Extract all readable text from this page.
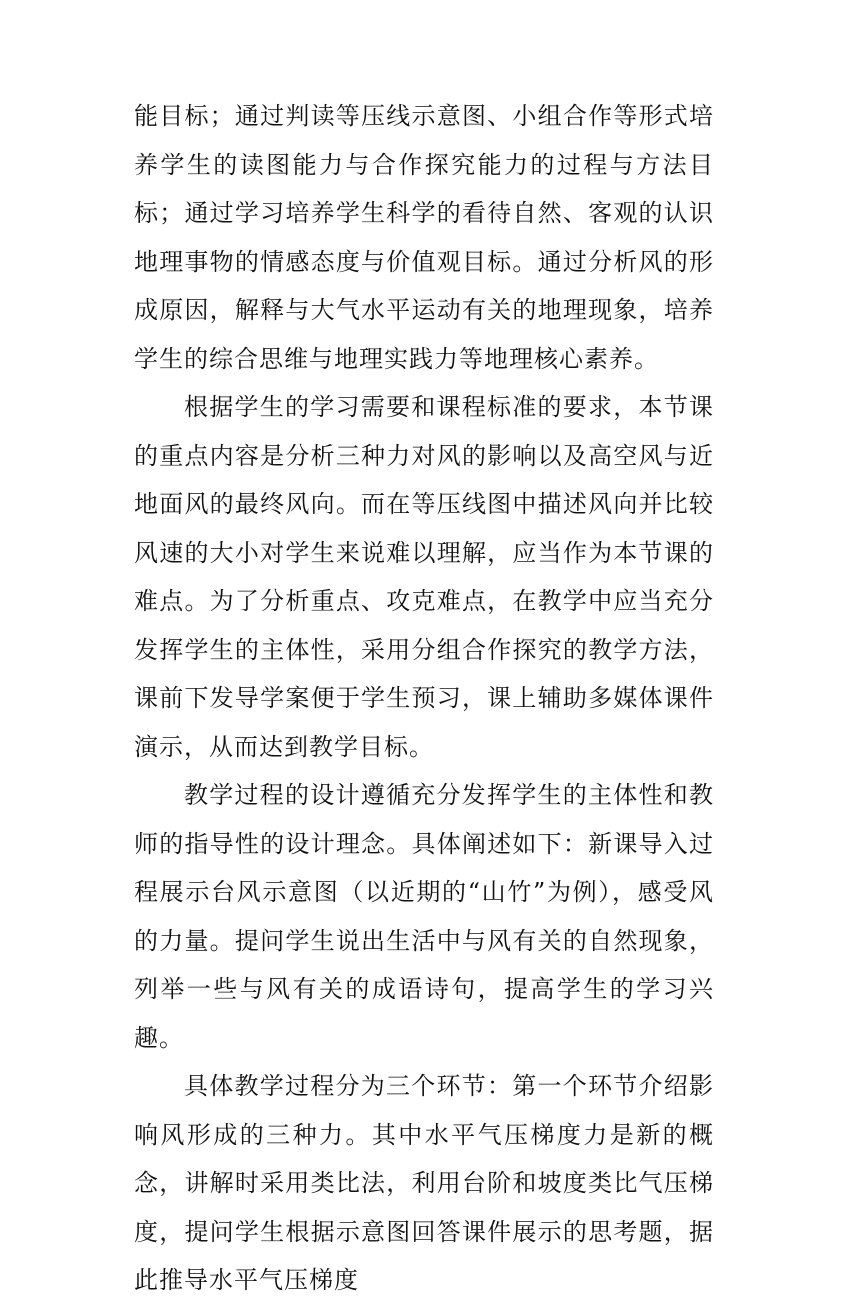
能目标；通过判读等压线示意图、小组合作等形式培养学生的读图能力与合作探究能力的过程与方法目标；通过学习培养学生科学的看待自然、客观的认识地理事物的情感态度与价值观目标。通过分析风的形成原因，解释与大气水平运动有关的地理现象，培养学生的综合思维与地理实践力等地理核心素养。

根据学生的学习需要和课程标准的要求，本节课的重点内容是分析三种力对风的影响以及高空风与近地面风的最终风向。而在等压线图中描述风向并比较风速的大小对学生来说难以理解，应当作为本节课的难点。为了分析重点、攻克难点，在教学中应当充分发挥学生的主体性，采用分组合作探究的教学方法，课前下发导学案便于学生预习，课上辅助多媒体课件演示，从而达到教学目标。

教学过程的设计遵循充分发挥学生的主体性和教师的指导性的设计理念。具体阐述如下：新课导入过程展示台风示意图（以近期的“山竹”为例），感受风的力量。提问学生说出生活中与风有关的自然现象，列举一些与风有关的成语诗句，提高学生的学习兴趣。

具体教学过程分为三个环节：第一个环节介绍影响风形成的三种力。其中水平气压梯度力是新的概念，讲解时采用类比法，利用台阶和坡度类比气压梯度，提问学生根据示意图回答课件展示的思考题，据此推导水平气压梯度
